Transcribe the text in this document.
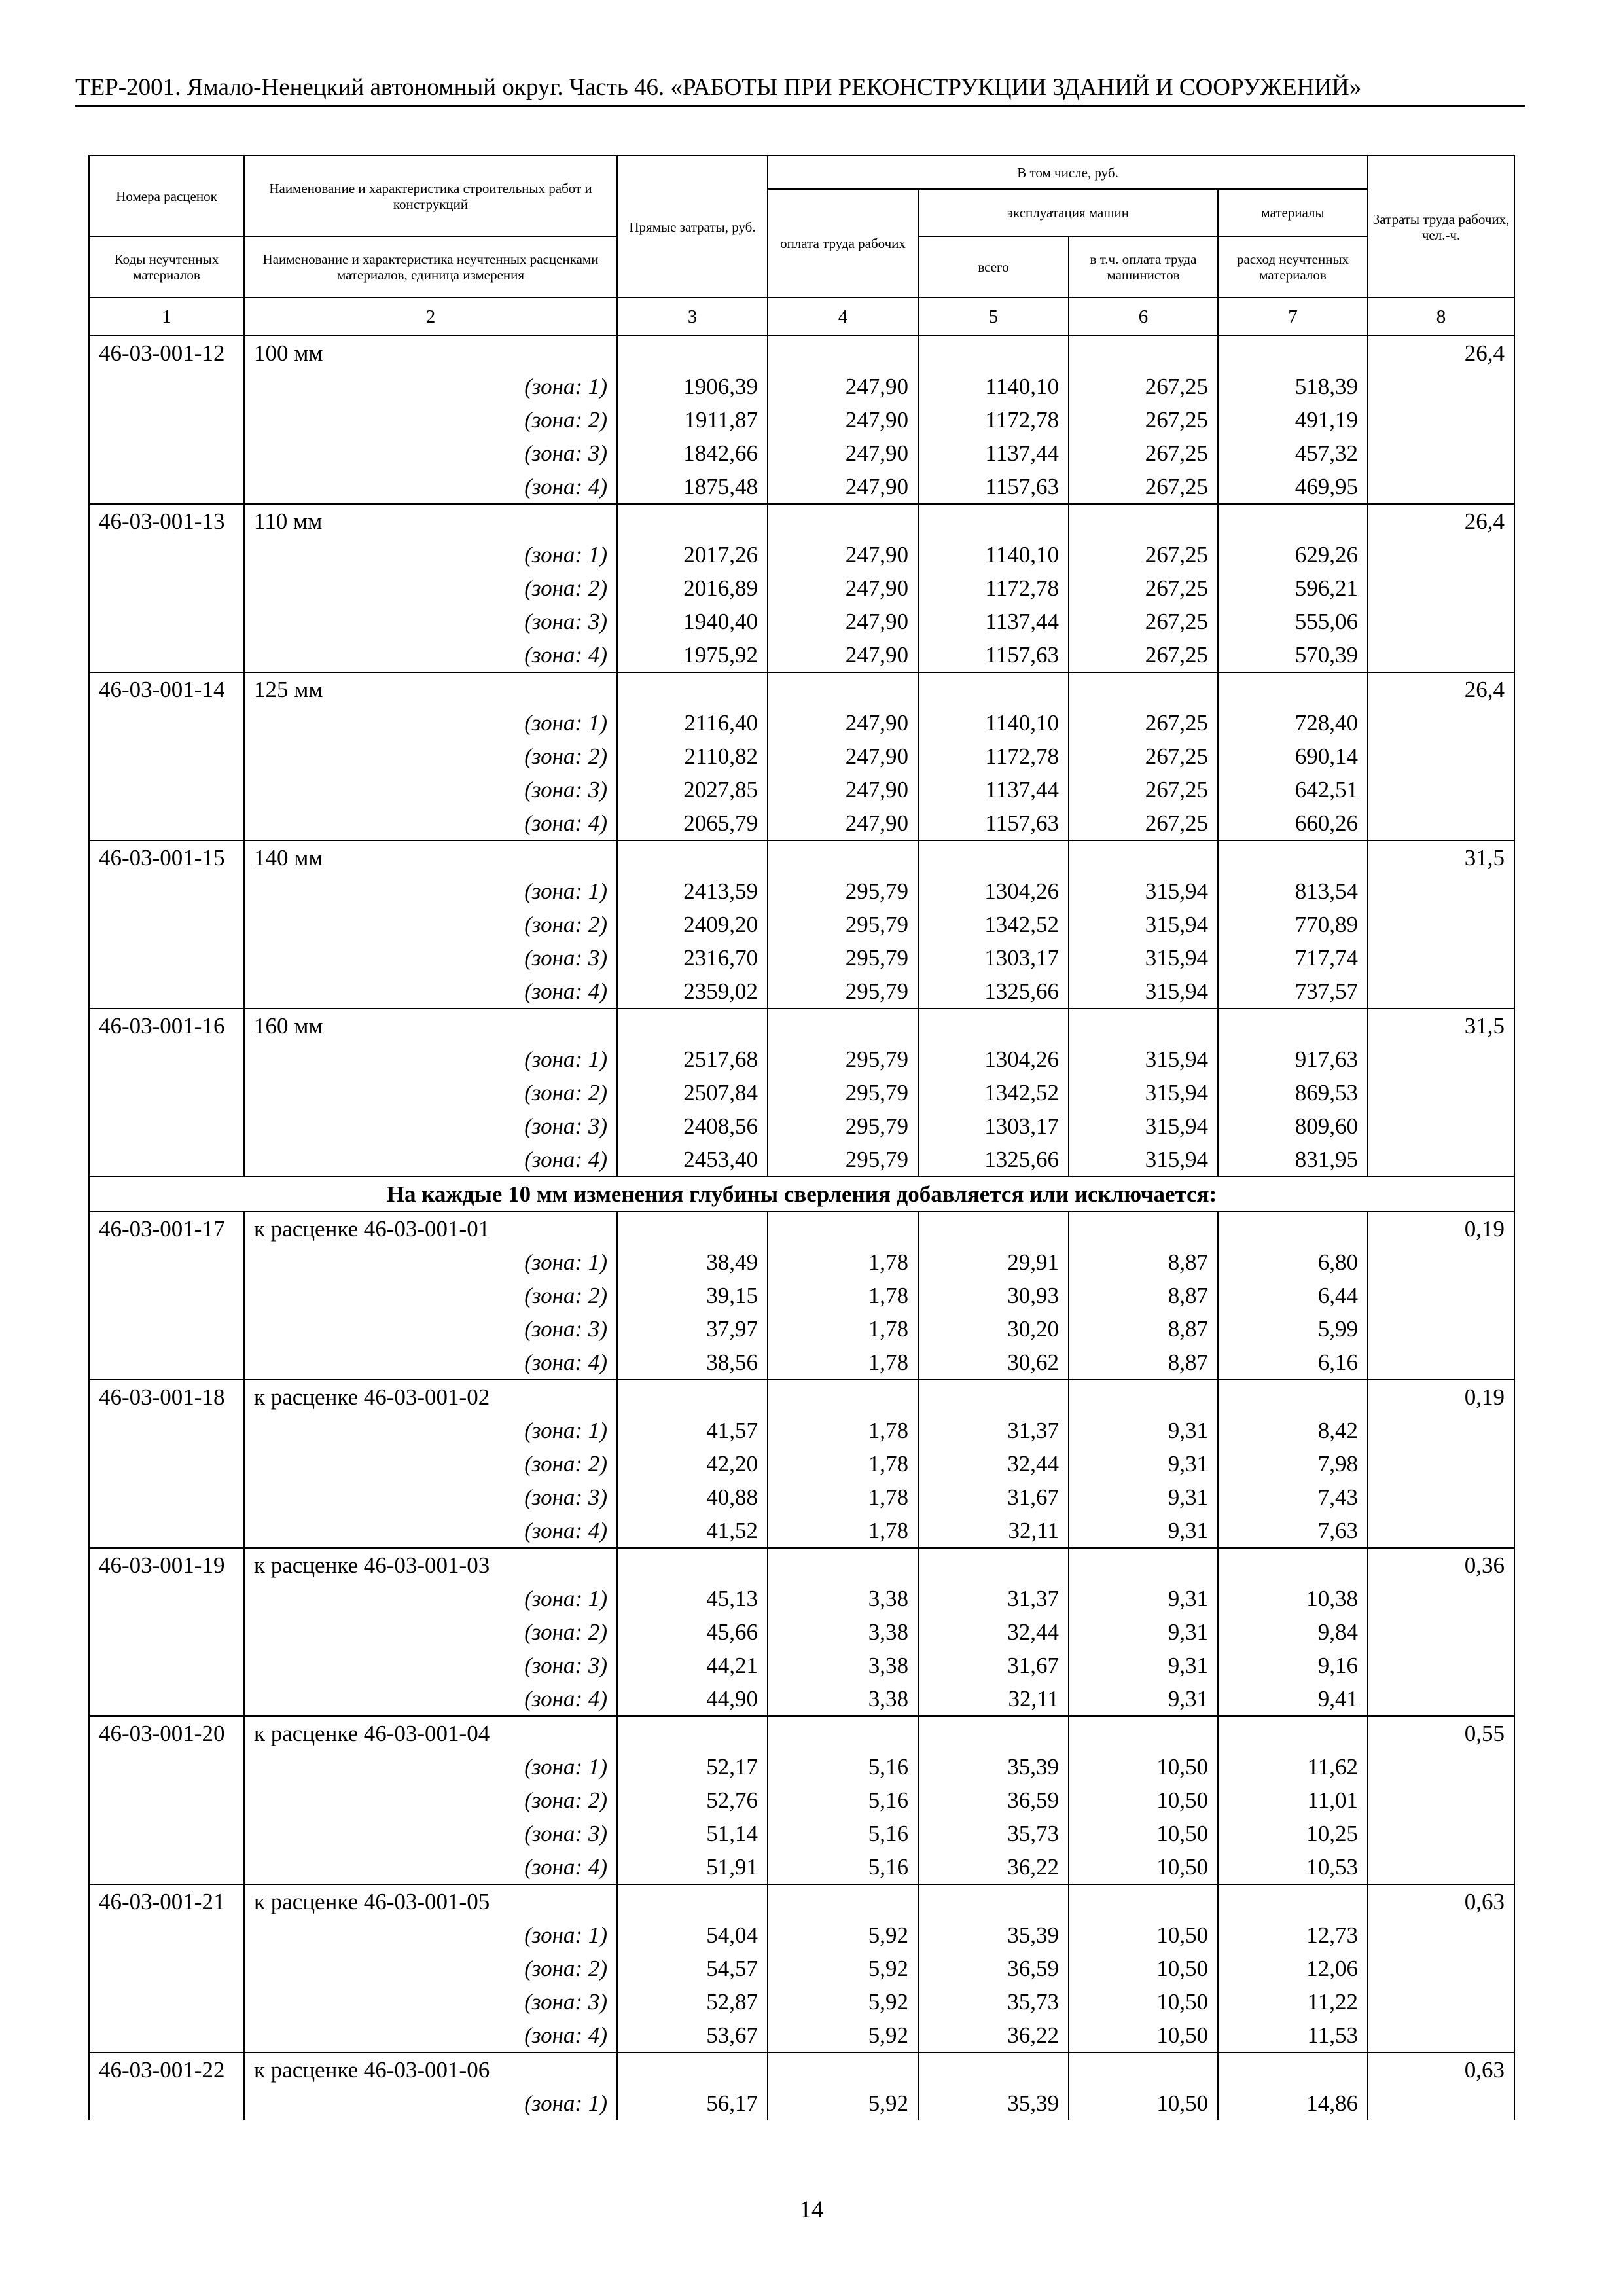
ТЕР-2001. Ямало-Ненецкий автономный округ. Часть 46. «РАБОТЫ ПРИ РЕКОНСТРУКЦИИ ЗДАНИЙ И СООРУЖЕНИЙ»
Номера расценок	Наименование и характеристика строительных работ и конструкций	Прямые затраты, руб.	В том числе, руб.				Затраты труда рабочих, чел.-ч.
			оплата труда рабочих	эксплуатация машин		материалы	
Коды неучтенных материалов	Наименование и характеристика неучтенных расценками материалов, единица измерения			всего	в т.ч. оплата труда машинистов	расход неучтенных материалов	

1	2	3	4	5	6	7	8
46-03-001-12	100 мм						26,4
	(зона: 1)	1906,39	247,90	1140,10	267,25	518,39	
	(зона: 2)	1911,87	247,90	1172,78	267,25	491,19	
	(зона: 3)	1842,66	247,90	1137,44	267,25	457,32	
	(зона: 4)	1875,48	247,90	1157,63	267,25	469,95	
46-03-001-13	110 мм						26,4
	(зона: 1)	2017,26	247,90	1140,10	267,25	629,26	
	(зона: 2)	2016,89	247,90	1172,78	267,25	596,21	
	(зона: 3)	1940,40	247,90	1137,44	267,25	555,06	
	(зона: 4)	1975,92	247,90	1157,63	267,25	570,39	
46-03-001-14	125 мм						26,4
	(зона: 1)	2116,40	247,90	1140,10	267,25	728,40	
	(зона: 2)	2110,82	247,90	1172,78	267,25	690,14	
	(зона: 3)	2027,85	247,90	1137,44	267,25	642,51	
	(зона: 4)	2065,79	247,90	1157,63	267,25	660,26	
46-03-001-15	140 мм						31,5
	(зона: 1)	2413,59	295,79	1304,26	315,94	813,54	
	(зона: 2)	2409,20	295,79	1342,52	315,94	770,89	
	(зона: 3)	2316,70	295,79	1303,17	315,94	717,74	
	(зона: 4)	2359,02	295,79	1325,66	315,94	737,57	
46-03-001-16	160 мм						31,5
	(зона: 1)	2517,68	295,79	1304,26	315,94	917,63	
	(зона: 2)	2507,84	295,79	1342,52	315,94	869,53	
	(зона: 3)	2408,56	295,79	1303,17	315,94	809,60	
	(зона: 4)	2453,40	295,79	1325,66	315,94	831,95	
На каждые 10 мм изменения глубины сверления добавляется или исключается:							
46-03-001-17	к расценке 46-03-001-01						0,19
	(зона: 1)	38,49	1,78	29,91	8,87	6,80	
	(зона: 2)	39,15	1,78	30,93	8,87	6,44	
	(зона: 3)	37,97	1,78	30,20	8,87	5,99	
	(зона: 4)	38,56	1,78	30,62	8,87	6,16	
46-03-001-18	к расценке 46-03-001-02						0,19
	(зона: 1)	41,57	1,78	31,37	9,31	8,42	
	(зона: 2)	42,20	1,78	32,44	9,31	7,98	
	(зона: 3)	40,88	1,78	31,67	9,31	7,43	
	(зона: 4)	41,52	1,78	32,11	9,31	7,63	
46-03-001-19	к расценке 46-03-001-03						0,36
	(зона: 1)	45,13	3,38	31,37	9,31	10,38	
	(зона: 2)	45,66	3,38	32,44	9,31	9,84	
	(зона: 3)	44,21	3,38	31,67	9,31	9,16	
	(зона: 4)	44,90	3,38	32,11	9,31	9,41	
46-03-001-20	к расценке 46-03-001-04						0,55
	(зона: 1)	52,17	5,16	35,39	10,50	11,62	
	(зона: 2)	52,76	5,16	36,59	10,50	11,01	
	(зона: 3)	51,14	5,16	35,73	10,50	10,25	
	(зона: 4)	51,91	5,16	36,22	10,50	10,53	
46-03-001-21	к расценке 46-03-001-05						0,63
	(зона: 1)	54,04	5,92	35,39	10,50	12,73	
	(зона: 2)	54,57	5,92	36,59	10,50	12,06	
	(зона: 3)	52,87	5,92	35,73	10,50	11,22	
	(зона: 4)	53,67	5,92	36,22	10,50	11,53	
46-03-001-22	к расценке 46-03-001-06						0,63
	(зона: 1)	56,17	5,92	35,39	10,50	14,86	
14
